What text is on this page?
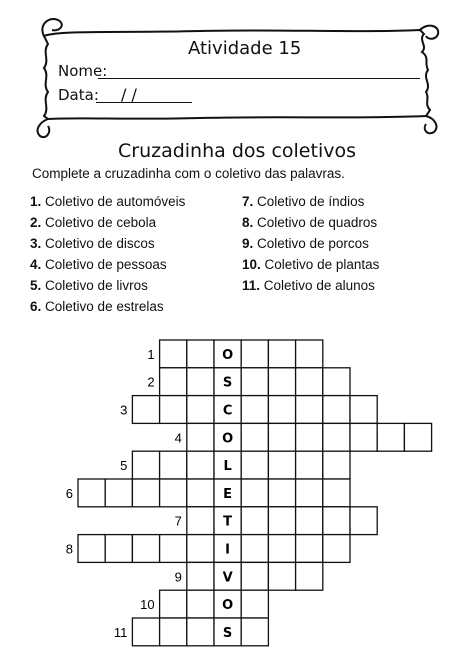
Atividade 15
Nome:
Data: / /
Cruzadinha dos coletivos
Complete a cruzadinha com o coletivo das palavras.
1. Coletivo de automóveis
2. Coletivo de cebola
3. Coletivo de discos
4. Coletivo de pessoas
5. Coletivo de livros
6. Coletivo de estrelas
7. Coletivo de índios
8. Coletivo de quadros
9. Coletivo de porcos
10. Coletivo de plantas
11. Coletivo de alunos
O
1
S
2
C
3
O
4
L
5
E
6
T
7
I
8
V
9
O
10
S
11
